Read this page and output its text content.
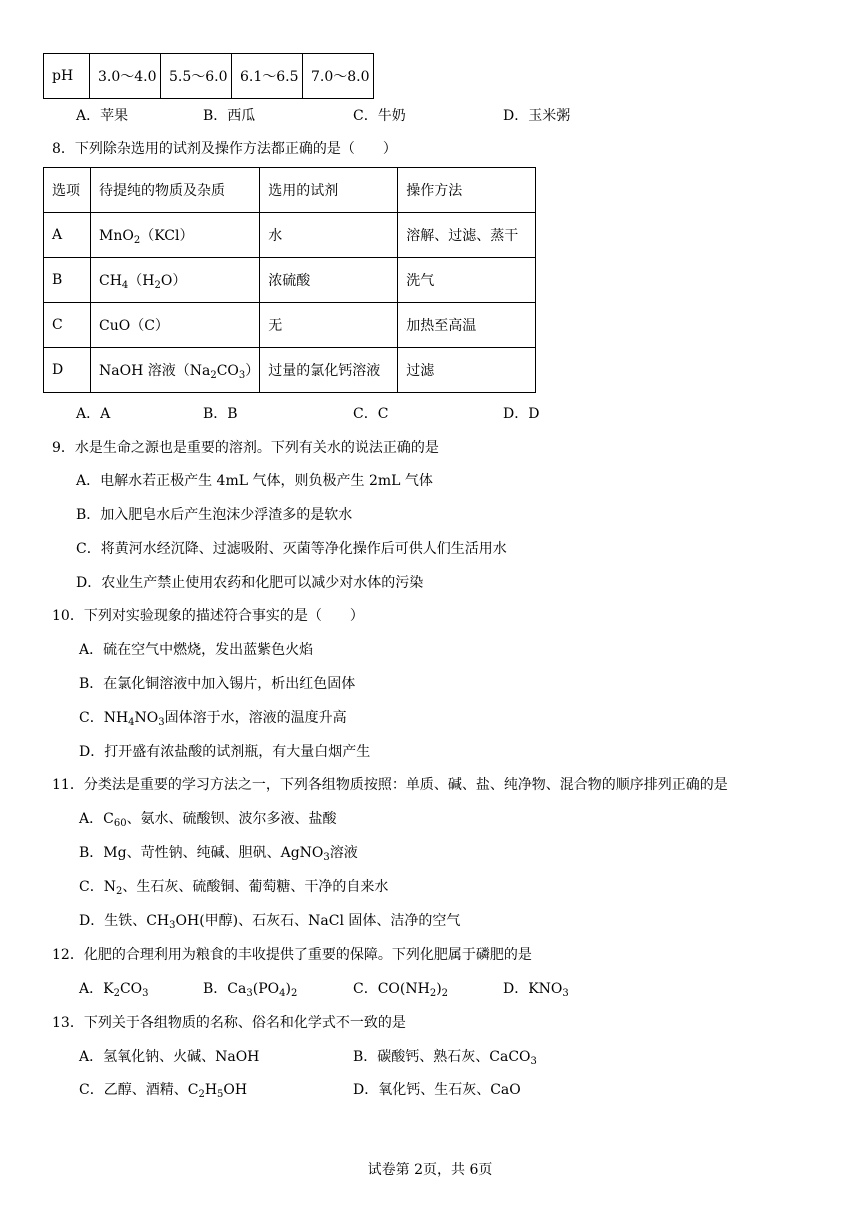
pH	3.0～4.0	5.5～6.0	6.1～6.5	7.0～8.0
A．苹果	B．西瓜	C．牛奶	D．玉米粥
8．下列除杂选用的试剂及操作方法都正确的是（　　）
选项	待提纯的物质及杂质	选用的试剂	操作方法
A	MnO$_2$（KCl）	水	溶解、过滤、蒸干
B	$CH_4(H_2O)$	浓硫酸	洗气
C	CuO（C）	无	加热至高温
D	NaOH 溶液$(Na_2CO_3)$	过量的氯化钙溶液	过滤
A．A	B．B	C．C	D．D
9．水是生命之源也是重要的溶剂。下列有关水的说法正确的是
A．电解水若正极产生 4mL 气体，则负极产生 2mL 气体
B．加入肥皂水后产生泡沫少浮渣多的是软水
C．将黄河水经沉降、过滤吸附、灭菌等净化操作后可供人们生活用水
D．农业生产禁止使用农药和化肥可以减少对水体的污染
10．下列对实验现象的描述符合事实的是（　　）
A．硫在空气中燃烧，发出蓝紫色火焰
B．在氯化铜溶液中加入锡片，析出红色固体
C．$NH_4NO_3$固体溶于水，溶液的温度升高
D．打开盛有浓盐酸的试剂瓶，有大量白烟产生
11．分类法是重要的学习方法之一，下列各组物质按照：单质、碱、盐、纯净物、混合物的顺序排列正确的是
A．$C_{60}$、氨水、硫酸钡、波尔多液、盐酸
B．Mg、苛性钠、纯碱、胆矾、AgNO$_3$溶液
C．$N_2$、生石灰、硫酸铜、葡萄糖、干净的自来水
D．生铁、$CH_3OH$(甲醇)、石灰石、NaCl 固体、洁净的空气
12．化肥的合理利用为粮食的丰收提供了重要的保障。下列化肥属于磷肥的是
A．$K_2CO_3$	B．$Ca_3(PO_4)_2$	C．$CO(NH_2)_2$	D．$KNO_3$
13．下列关于各组物质的名称、俗名和化学式不一致的是
A．氢氧化钠、火碱、NaOH	B．碳酸钙、熟石灰、CaCO$_3$
C．乙醇、酒精、$C_2H_5OH$	D．氧化钙、生石灰、CaO
试卷第 2页，共 6页
